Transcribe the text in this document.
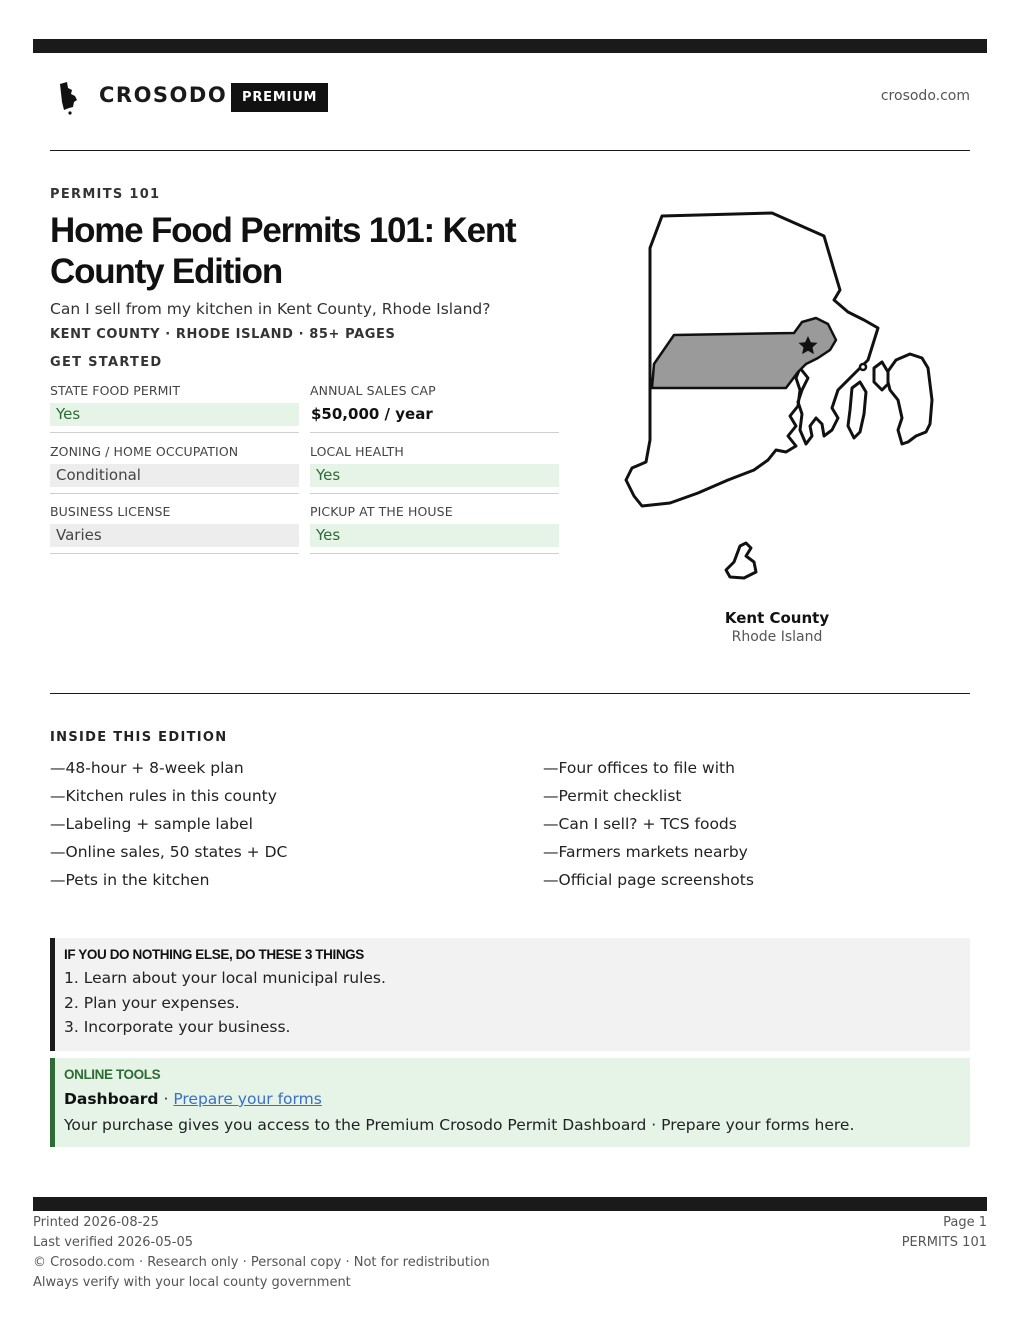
CROSODO	PREMIUM	crosodo.com
PERMITS 101
Home Food Permits 101: Kent County Edition
Can I sell from my kitchen in Kent County, Rhode Island?
KENT COUNTY · RHODE ISLAND · 85+ PAGES
GET STARTED
STATE FOOD PERMIT
Yes
ANNUAL SALES CAP
$50,000 / year
ZONING / HOME OCCUPATION
Conditional
LOCAL HEALTH
Yes
BUSINESS LICENSE
Varies
PICKUP AT THE HOUSE
Yes
Kent County
Rhode Island
INSIDE THIS EDITION
—48-hour + 8-week plan
—Kitchen rules in this county
—Labeling + sample label
—Online sales, 50 states + DC
—Pets in the kitchen
—Four offices to file with
—Permit checklist
—Can I sell? + TCS foods
—Farmers markets nearby
—Official page screenshots
IF YOU DO NOTHING ELSE, DO THESE 3 THINGS
1. Learn about your local municipal rules.
2. Plan your expenses.
3. Incorporate your business.
ONLINE TOOLS
Dashboard · Prepare your forms
Your purchase gives you access to the Premium Crosodo Permit Dashboard · Prepare your forms here.
Printed 2026-08-25
Last verified 2026-05-05
© Crosodo.com · Research only · Personal copy · Not for redistribution
Always verify with your local county government
Page 1
PERMITS 101
